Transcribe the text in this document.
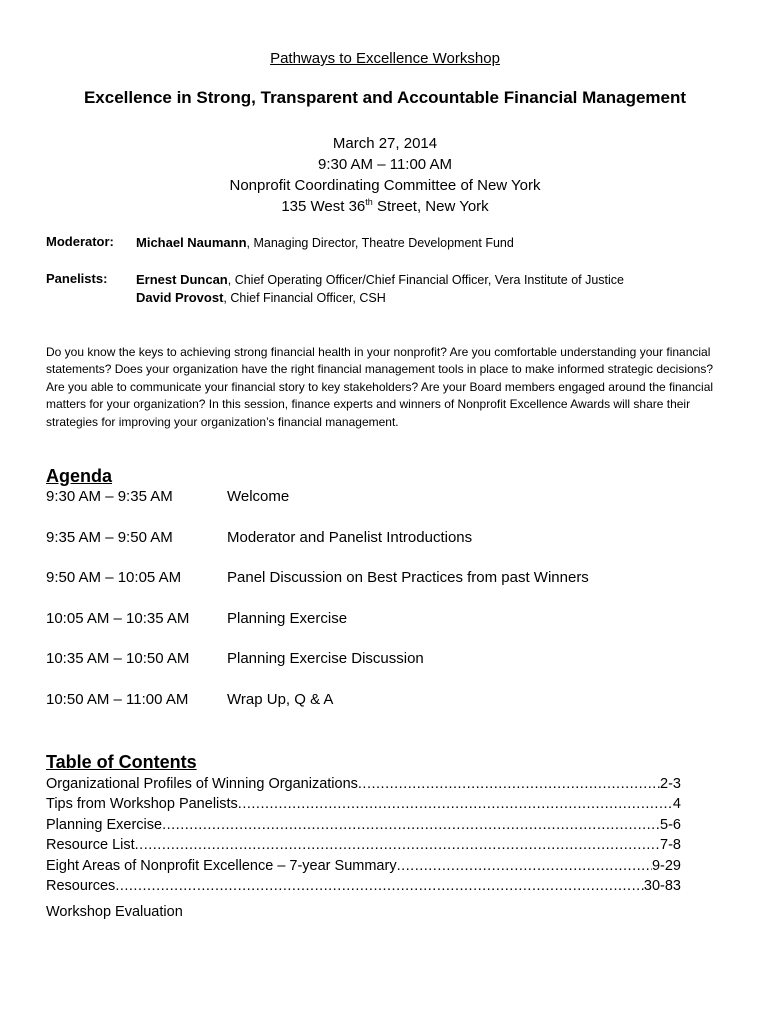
Pathways to Excellence Workshop
Excellence in Strong, Transparent and Accountable Financial Management
March 27, 2014
9:30 AM – 11:00 AM
Nonprofit Coordinating Committee of New York
135 West 36th Street, New York
Moderator: Michael Naumann, Managing Director, Theatre Development Fund
Panelists: Ernest Duncan, Chief Operating Officer/Chief Financial Officer, Vera Institute of Justice
David Provost, Chief Financial Officer, CSH
Do you know the keys to achieving strong financial health in your nonprofit? Are you comfortable understanding your financial statements? Does your organization have the right financial management tools in place to make informed strategic decisions? Are you able to communicate your financial story to key stakeholders? Are your Board members engaged around the financial matters for your organization? In this session, finance experts and winners of Nonprofit Excellence Awards will share their strategies for improving your organization’s financial management.
Agenda
9:30 AM – 9:35 AM	Welcome
9:35 AM – 9:50 AM	Moderator and Panelist Introductions
9:50 AM – 10:05 AM	Panel Discussion on Best Practices from past Winners
10:05 AM – 10:35 AM	Planning Exercise
10:35 AM – 10:50 AM	Planning Exercise Discussion
10:50 AM – 11:00 AM	Wrap Up, Q & A
Table of Contents
Organizational Profiles of Winning Organizations .....	2-3
Tips from Workshop Panelists .....	4
Planning Exercise .....	5-6
Resource List .....	7-8
Eight Areas of Nonprofit Excellence – 7-year Summary .....	9-29
Resources .....	30-83
Workshop Evaluation
